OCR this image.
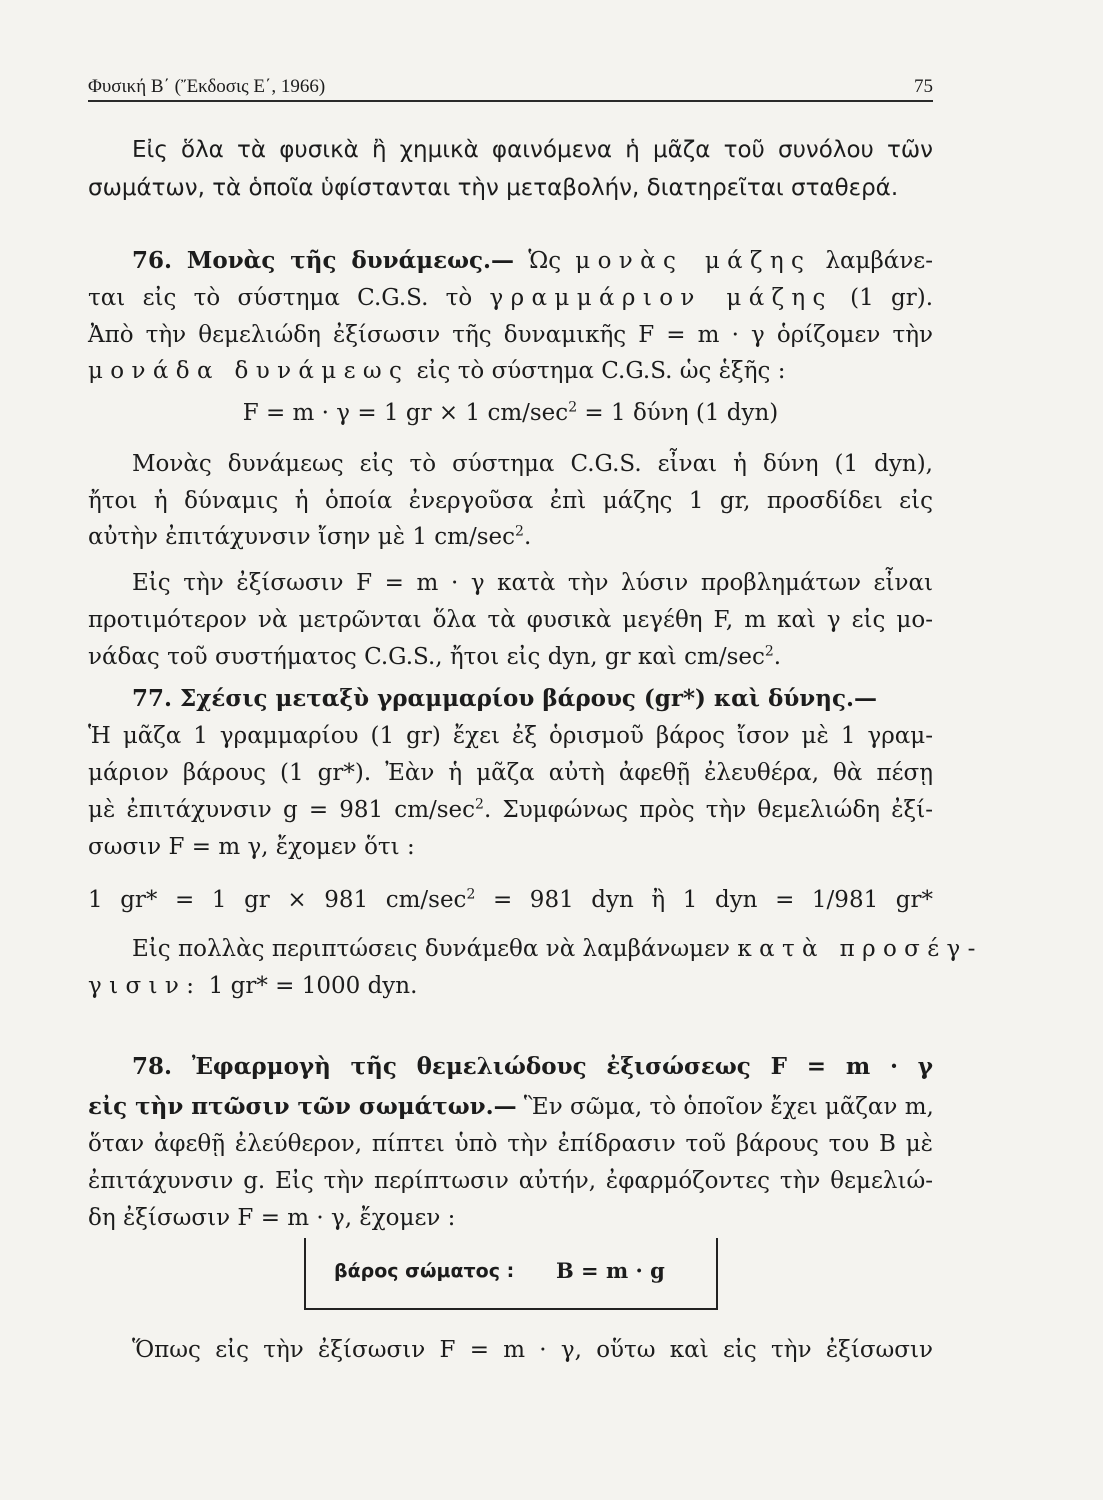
Φυσική Β΄ (Ἔκδοσις Ε΄, 1966)	75
Εἰς ὅλα τὰ φυσικὰ ἢ χημικὰ φαινόμενα ἡ μᾶζα τοῦ συνόλου τῶν
σωμάτων, τὰ ὁποῖα ὑφίστανται τὴν μεταβολήν, διατηρεῖται σταθερά.
76. Μονὰς τῆς δυνάμεως.— Ὡς μονὰς μάζης λαμβάνε-
ται εἰς τὸ σύστημα C.G.S. τὸ γραμμάριον μάζης (1 gr).
Ἀπὸ τὴν θεμελιώδη ἐξίσωσιν τῆς δυναμικῆς F = m · γ ὁρίζομεν τὴν
μονάδα δυνάμεως εἰς τὸ σύστημα C.G.S. ὡς ἑξῆς :
F = m · γ = 1 gr × 1 $cm/\sec^2 = 1$ δύνη (1 dyn)
Μονὰς δυνάμεως εἰς τὸ σύστημα C.G.S. εἶναι ἡ δύνη (1 dyn),
ἤτοι ἡ δύναμις ἡ ὁποία ἐνεργοῦσα ἐπὶ μάζης 1 gr, προσδίδει εἰς
αὐτὴν ἐπιτάχυνσιν ἴσην μὲ 1 $cm/\sec^2$.
Εἰς τὴν ἐξίσωσιν F = m · γ κατὰ τὴν λύσιν προβλημάτων εἶναι
προτιμότερον νὰ μετρῶνται ὅλα τὰ φυσικὰ μεγέθη F, m καὶ γ εἰς μο-
νάδας τοῦ συστήματος C.G.S., ἤτοι εἰς dyn, gr καὶ $cm/\sec^2$.
77. Σχέσις μεταξὺ γραμμαρίου βάρους (gr*) καὶ δύνης.—
Ἡ μᾶζα 1 γραμμαρίου (1 gr) ἔχει ἐξ ὁρισμοῦ βάρος ἴσον μὲ 1 γραμ-
μάριον βάρους (1 gr*). Ἐὰν ἡ μᾶζα αὐτὴ ἀφεθῇ ἐλευθέρα, θὰ πέσῃ
μὲ ἐπιτάχυνσιν g = 981 $cm/\sec^2$. Συμφώνως πρὸς τὴν θεμελιώδη ἐξί-
σωσιν F = m γ, ἔχομεν ὅτι :
1 gr* = 1 gr × 981 $cm/\sec^2 = 981$ dyn ἢ 1 dyn = 1/981 gr*
Εἰς πολλὰς περιπτώσεις δυνάμεθα νὰ λαμβάνωμεν κατὰ προσέγ-
γισιν: 1 gr* = 1000 dyn.
78. Ἐφαρμογὴ τῆς θεμελιώδους ἐξισώσεως F = m · γ
εἰς τὴν πτῶσιν τῶν σωμάτων.— Ἓν σῶμα, τὸ ὁποῖον ἔχει μᾶζαν m,
ὅταν ἀφεθῇ ἐλεύθερον, πίπτει ὑπὸ τὴν ἐπίδρασιν τοῦ βάρους του Β μὲ
ἐπιτάχυνσιν g. Εἰς τὴν περίπτωσιν αὐτήν, ἐφαρμόζοντες τὴν θεμελιώ-
δη ἐξίσωσιν F = m · γ, ἔχομεν :
βάρος σώματος : Β = m · g
Ὅπως εἰς τὴν ἐξίσωσιν F = m · γ, οὕτω καὶ εἰς τὴν ἐξίσωσιν
